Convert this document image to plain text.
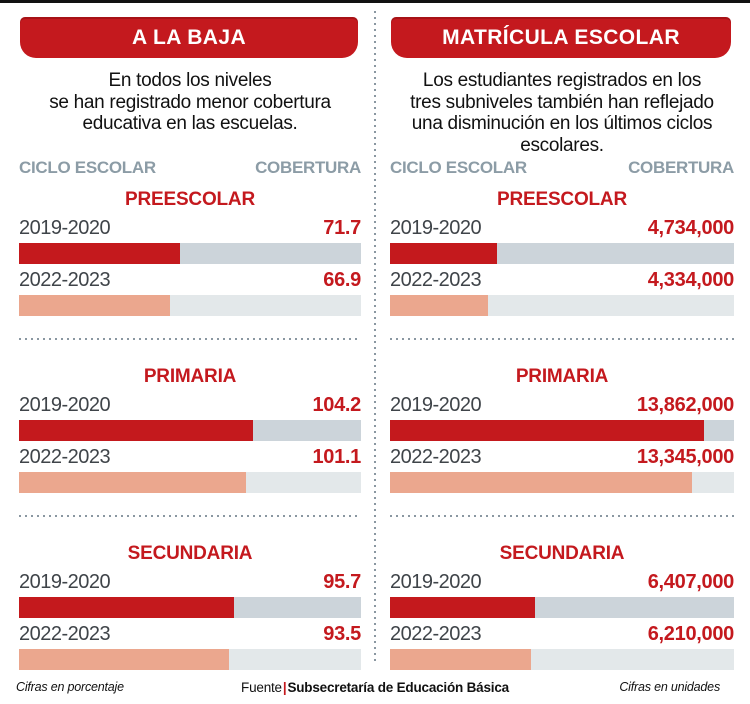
A LA BAJA
En todos los niveles
se han registrado menor cobertura
educativa en las escuelas.
CICLO ESCOLAR	COBERTURA
PREESCOLAR
2019-2020	71.7
2022-2023	66.9
PRIMARIA
2019-2020	104.2
2022-2023	101.1
SECUNDARIA
2019-2020	95.7
2022-2023	93.5
MATRÍCULA ESCOLAR
Los estudiantes registrados en los
tres subniveles también han reflejado
una disminución en los últimos ciclos
escolares.
CICLO ESCOLAR	COBERTURA
PREESCOLAR
2019-2020	4,734,000
2022-2023	4,334,000
PRIMARIA
2019-2020	13,862,000
2022-2023	13,345,000
SECUNDARIA
2019-2020	6,407,000
2022-2023	6,210,000
Cifras en porcentaje	Fuente|Subsecretaría de Educación Básica	Cifras en unidades
